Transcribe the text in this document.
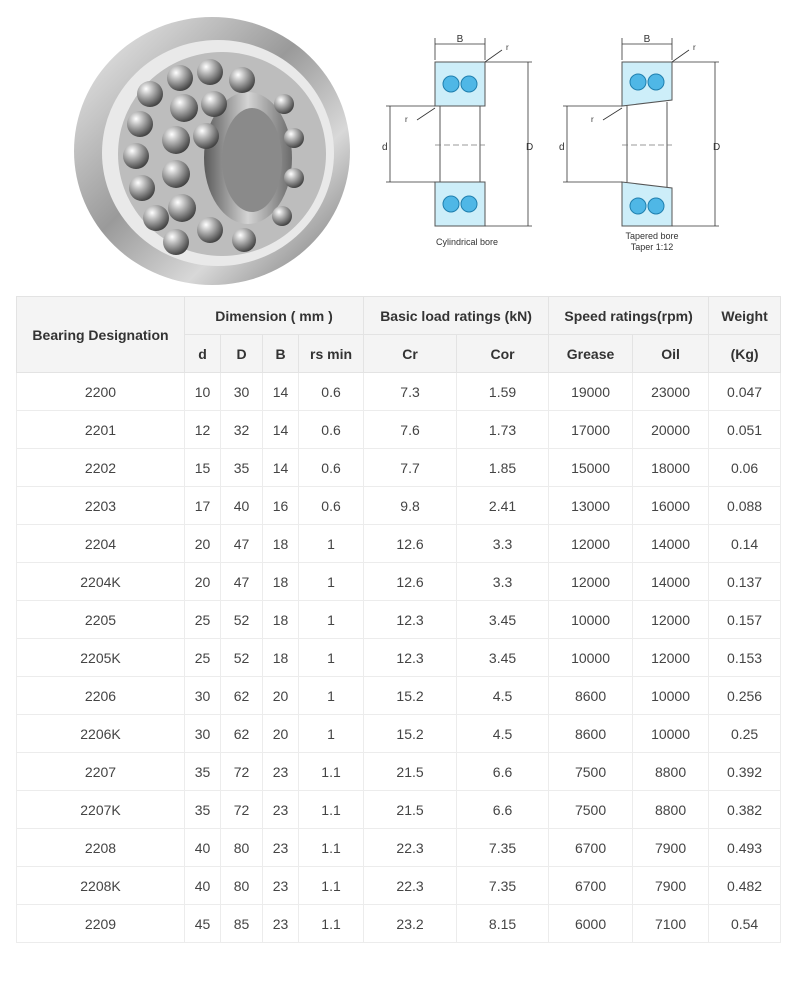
B
r
d
r
D
Cylindrical bore
B
r
d
r
D
Tapered bore
Taper 1:12
Bearing Designation	Dimension ( mm )				Basic load ratings (kN)		Speed ratings(rpm)		Weight
	d	D	B	rs min	Cr	Cor	Grease	Oil	(Kg)
2200	10	30	14	0.6	7.3	1.59	19000	23000	0.047
2201	12	32	14	0.6	7.6	1.73	17000	20000	0.051
2202	15	35	14	0.6	7.7	1.85	15000	18000	0.06
2203	17	40	16	0.6	9.8	2.41	13000	16000	0.088
2204	20	47	18	1	12.6	3.3	12000	14000	0.14
2204K	20	47	18	1	12.6	3.3	12000	14000	0.137
2205	25	52	18	1	12.3	3.45	10000	12000	0.157
2205K	25	52	18	1	12.3	3.45	10000	12000	0.153
2206	30	62	20	1	15.2	4.5	8600	10000	0.256
2206K	30	62	20	1	15.2	4.5	8600	10000	0.25
2207	35	72	23	1.1	21.5	6.6	7500	8800	0.392
2207K	35	72	23	1.1	21.5	6.6	7500	8800	0.382
2208	40	80	23	1.1	22.3	7.35	6700	7900	0.493
2208K	40	80	23	1.1	22.3	7.35	6700	7900	0.482
2209	45	85	23	1.1	23.2	8.15	6000	7100	0.54
